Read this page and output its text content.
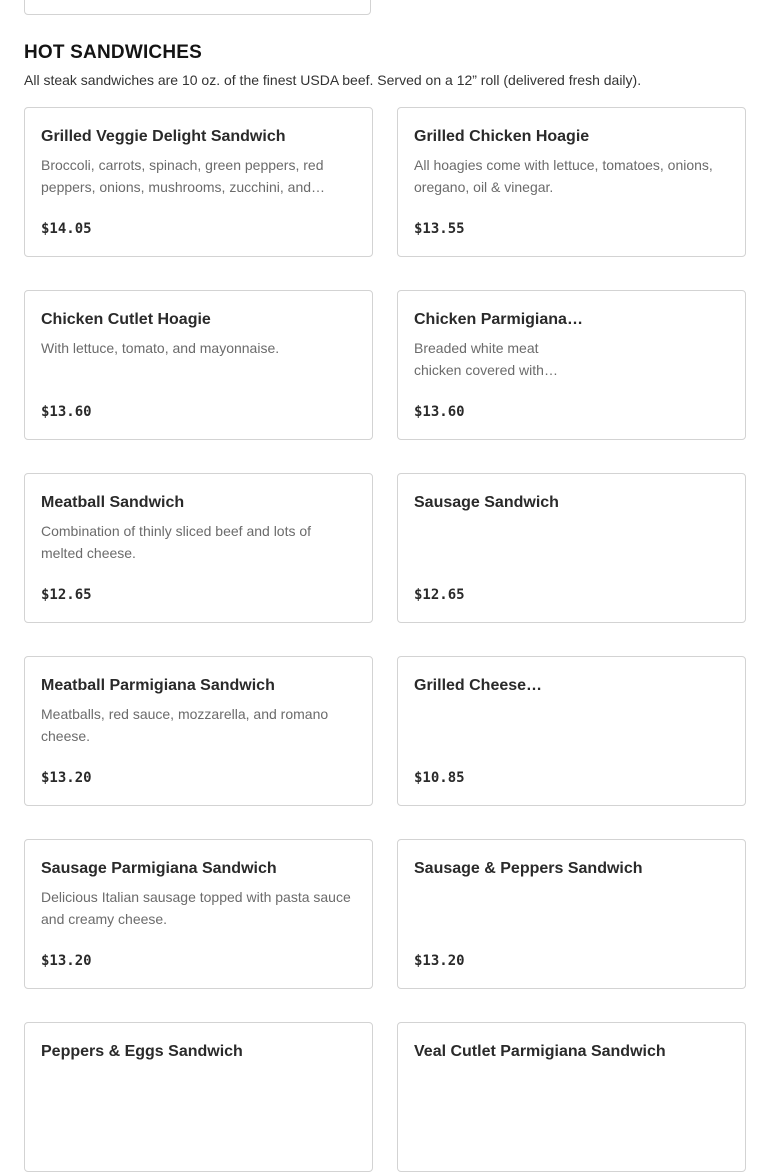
HOT SANDWICHES

All steak sandwiches are 10 oz. of the finest USDA beef. Served on a 12” roll (delivered fresh daily).

Grilled Veggie Delight Sandwich
Broccoli, carrots, spinach, green peppers, red peppers, onions, mushrooms, zucchini, and…
$14.05
Grilled Chicken Hoagie
All hoagies come with lettuce, tomatoes, onions, oregano, oil & vinegar.
$13.55
Chicken Cutlet Hoagie
With lettuce, tomato, and mayonnaise.
$13.60
Chicken Parmigiana…
Breaded white meat chicken covered with…
$13.60
Meatball Sandwich
Combination of thinly sliced beef and lots of melted cheese.
$12.65
Sausage Sandwich
$12.65
Meatball Parmigiana Sandwich
Meatballs, red sauce, mozzarella, and romano cheese.
$13.20
Grilled Cheese…
$10.85
Sausage Parmigiana Sandwich
Delicious Italian sausage topped with pasta sauce and creamy cheese.
$13.20
Sausage & Peppers Sandwich
$13.20
Peppers & Eggs Sandwich	Veal Cutlet Parmigiana Sandwich
